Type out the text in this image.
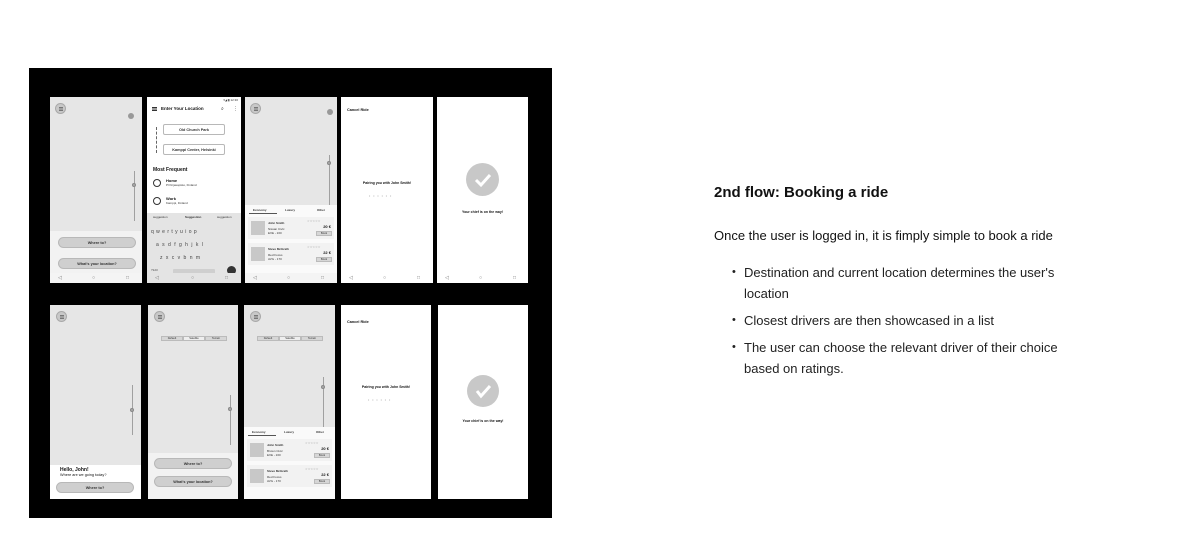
Where to?
What's your location?
◁	○	□
▾◢ ▮ 12:30
Enter Your Location	⌕ ⋮
Old Church Park
Kamppi Center, Helsinki
Most Frequent
Home
Pl Kirjasopisto, Finland
Work
Kamppi, Finland
suggestion	Suggestion	suggestion
q w e r t y u i o p
a s d f g h j k l
z x c v b n m
?123
◁	○	□
Economy	Luxury	Other
John Smith
Nissan Civic
EXE - 160
☆☆☆☆☆
20 €
Book
Steve McGrath
Red Focus
AVG - 170
☆☆☆☆☆
22 €
Book
◁	○	□
Cancel Ride
Pairing you with John Smith!
• • • • • •
◁	○	□
Your chief is on the way!
◁	○	□
Hello, John!
Where are we going today?
Where to?
Default	Satellite	Terrain
Where to?
What's your location?
Default	Satellite	Terrain
Economy	Luxury	Other
John Smith
Brown Civic
EXE - 160
☆☆☆☆☆
20 €
Book
Steve McGrath
Red Focus
AVG - 170
☆☆☆☆☆
22 €
Book
Cancel Ride
Pairing you with John Smith!
• • • • • •
Your chief is on the way!
2nd flow: Booking a ride
Once the user is logged in, it is fimply simple to book a ride
• Destination and current location determines the user's location
• Closest drivers are then showcased in a list
• The user can choose the relevant driver of their choice based on ratings.
